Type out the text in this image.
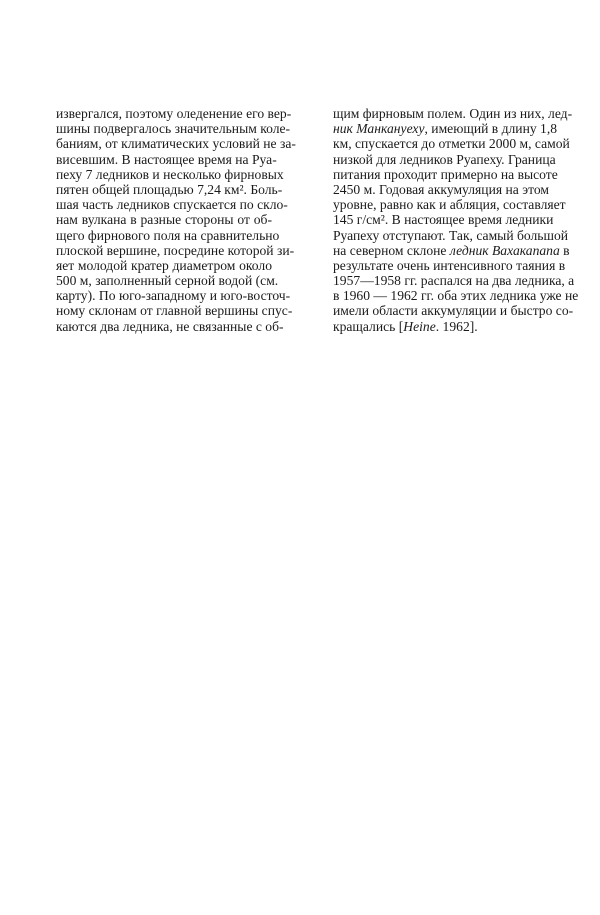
извергался, поэтому оледенение его вер-
шины подвергалось значительным коле-
баниям, от климатических условий не за-
висевшим. В настоящее время на Руа-
пеху 7 ледников и несколько фирновых
пятен общей площадью 7,24 км². Боль-
шая часть ледников спускается по скло-
нам вулкана в разные стороны от об-
щего фирнового поля на сравнительно
плоской вершине, посредине которой зи-
яет молодой кратер диаметром около
500 м, заполненный серной водой (см.
карту). По юго-западному и юго-восточ-
ному склонам от главной вершины спус-
каются два ледника, не связанные с об-
щим фирновым полем. Один из них, лед-
ник Манкануеху, имеющий в длину 1,8
км, спускается до отметки 2000 м, самой
низкой для ледников Руапеху. Граница
питания проходит примерно на высоте
2450 м. Годовая аккумуляция на этом
уровне, равно как и абляция, составляет
145 г/см². В настоящее время ледники
Руапеху отступают. Так, самый большой
на северном склоне ледник Вахакапапа в
результате очень интенсивного таяния в
1957—1958 гг. распался на два ледника, а
в 1960 — 1962 гг. оба этих ледника уже не
имели области аккумуляции и быстро со-
кращались [Heine. 1962].
